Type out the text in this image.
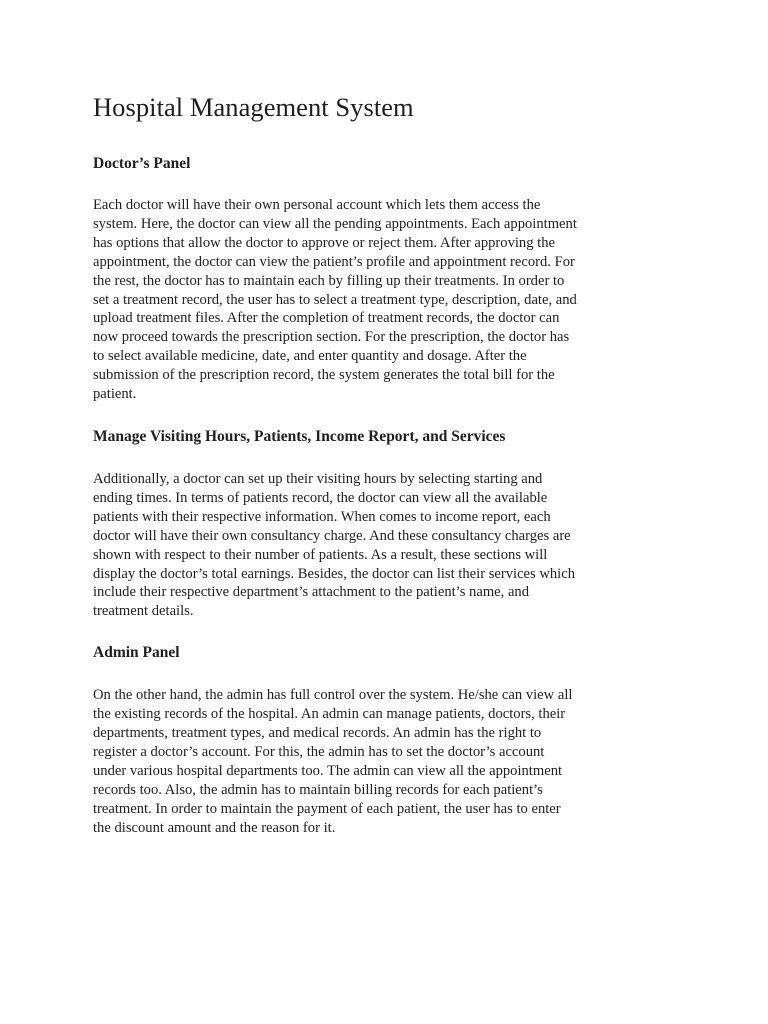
Hospital Management System
Doctor’s Panel

Each doctor will have their own personal account which lets them access the
system. Here, the doctor can view all the pending appointments. Each appointment
has options that allow the doctor to approve or reject them. After approving the
appointment, the doctor can view the patient’s profile and appointment record. For
the rest, the doctor has to maintain each by filling up their treatments. In order to
set a treatment record, the user has to select a treatment type, description, date, and
upload treatment files. After the completion of treatment records, the doctor can
now proceed towards the prescription section. For the prescription, the doctor has
to select available medicine, date, and enter quantity and dosage. After the
submission of the prescription record, the system generates the total bill for the
patient.

Manage Visiting Hours, Patients, Income Report, and Services

Additionally, a doctor can set up their visiting hours by selecting starting and
ending times. In terms of patients record, the doctor can view all the available
patients with their respective information. When comes to income report, each
doctor will have their own consultancy charge. And these consultancy charges are
shown with respect to their number of patients. As a result, these sections will
display the doctor’s total earnings. Besides, the doctor can list their services which
include their respective department’s attachment to the patient’s name, and
treatment details.

Admin Panel

On the other hand, the admin has full control over the system. He/she can view all
the existing records of the hospital. An admin can manage patients, doctors, their
departments, treatment types, and medical records. An admin has the right to
register a doctor’s account. For this, the admin has to set the doctor’s account
under various hospital departments too. The admin can view all the appointment
records too. Also, the admin has to maintain billing records for each patient’s
treatment. In order to maintain the payment of each patient, the user has to enter
the discount amount and the reason for it.
